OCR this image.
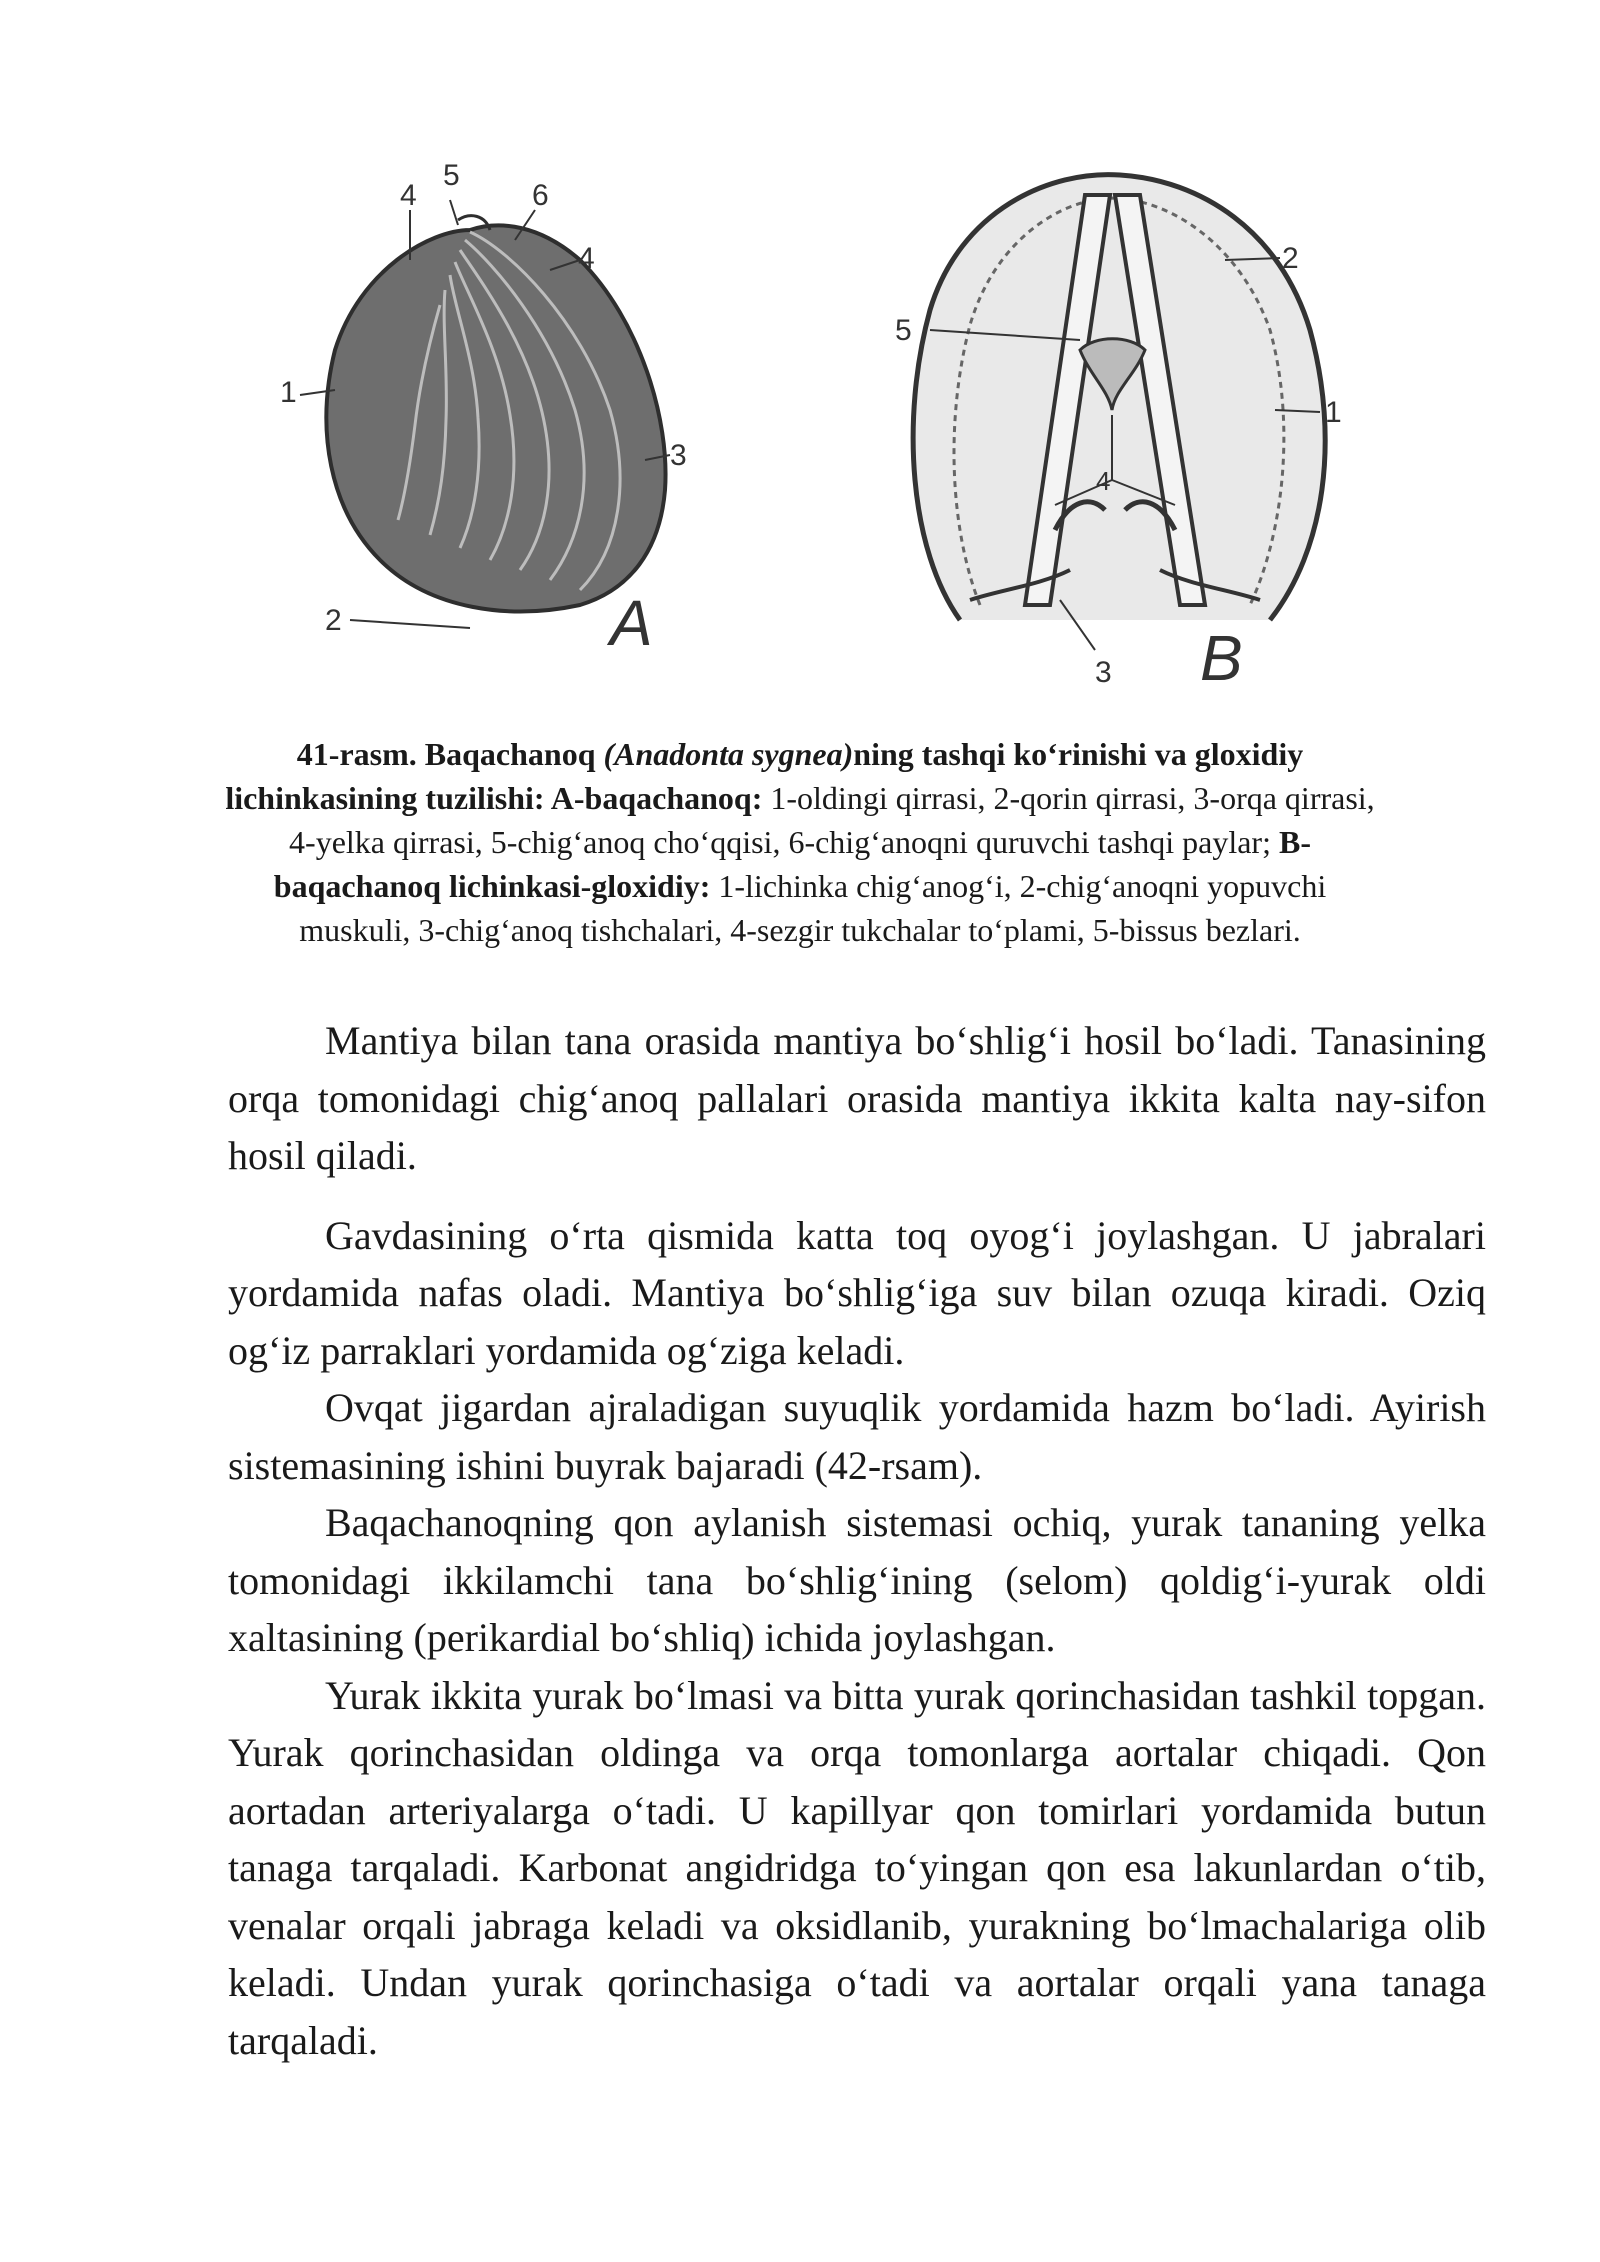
4
5
6
4
1
3
2	A
5
2
1
4
3 B
41-rasm. Baqachanoq (Anadonta sygnea)ning tashqi koʻrinishi va gloxidiy lichinkasining tuzilishi: A-baqachanoq: 1-oldingi qirrasi, 2-qorin qirrasi, 3-orqa qirrasi, 4-yelka qirrasi, 5-chigʻanoq choʻqqisi, 6-chigʻanoqni quruvchi tashqi paylar; B-baqachanoq lichinkasi-gloxidiy: 1-lichinka chigʻanogʻi, 2-chigʻanoqni yopuvchi muskuli, 3-chigʻanoq tishchalari, 4-sezgir tukchalar toʻplami, 5-bissus bezlari.

Mantiya bilan tana orasida mantiya boʻshligʻi hosil boʻladi. Tanasining orqa tomonidagi chigʻanoq pallalari orasida mantiya ikkita kalta nay-sifon hosil qiladi.

Gavdasining oʻrta qismida katta toq oyogʻi joylashgan. U jabralari yordamida nafas oladi. Mantiya boʻshligʻiga suv bilan ozuqa kiradi. Oziq ogʻiz parraklari yordamida ogʻziga keladi.

Ovqat jigardan ajraladigan suyuqlik yordamida hazm boʻladi. Ayirish sistemasining ishini buyrak bajaradi (42-rsam).

Baqachanoqning qon aylanish sistemasi ochiq, yurak tananing yelka tomonidagi ikkilamchi tana boʻshligʻining (selom) qoldigʻi-yurak oldi xaltasining (perikardial boʻshliq) ichida joylashgan.

Yurak ikkita yurak boʻlmasi va bitta yurak qorinchasidan tashkil topgan. Yurak qorinchasidan oldinga va orqa tomonlarga aortalar chiqadi. Qon aortadan arteriyalarga oʻtadi. U kapillyar qon tomirlari yordamida butun tanaga tarqaladi. Karbonat angidridga toʻyingan qon esa lakunlardan oʻtib, venalar orqali jabraga keladi va oksidlanib, yurakning boʻlmachalariga olib keladi. Undan yurak qorinchasiga oʻtadi va aortalar orqali yana tanaga tarqaladi.
